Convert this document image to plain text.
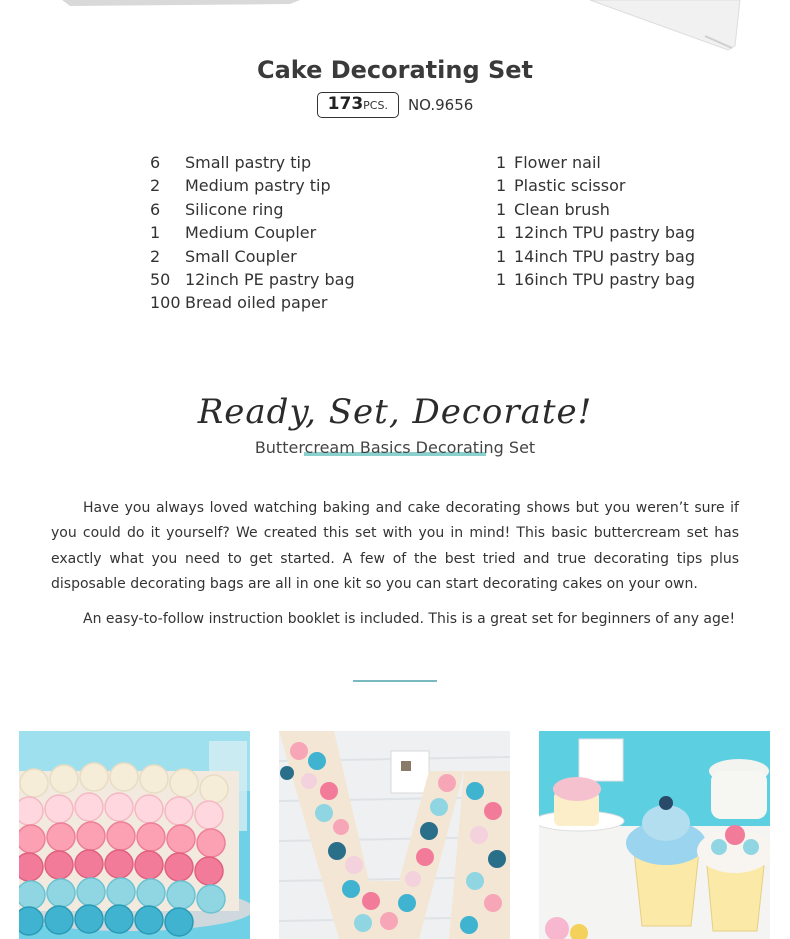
Cake Decorating Set
173PCS. NO.9656
6 Small pastry tip
2 Medium pastry tip
6 Silicone ring
1 Medium Coupler
2 Small Coupler
50 12inch PE pastry bag
100 Bread oiled paper
1 Flower nail
1 Plastic scissor
1 Clean brush
1 12inch TPU pastry bag
1 14inch TPU pastry bag
1 16inch TPU pastry bag
Ready, Set, Decorate!
Buttercream Basics Decorating Set

Have you always loved watching baking and cake decorating shows but you weren’t sure if you could do it yourself? We created this set with you in mind! This basic buttercream set has exactly what you need to get started. A few of the best tried and true decorating tips plus disposable decorating bags are all in one kit so you can start decorating cakes on your own.

An easy-to-follow instruction booklet is included. This is a great set for beginners of any age!
